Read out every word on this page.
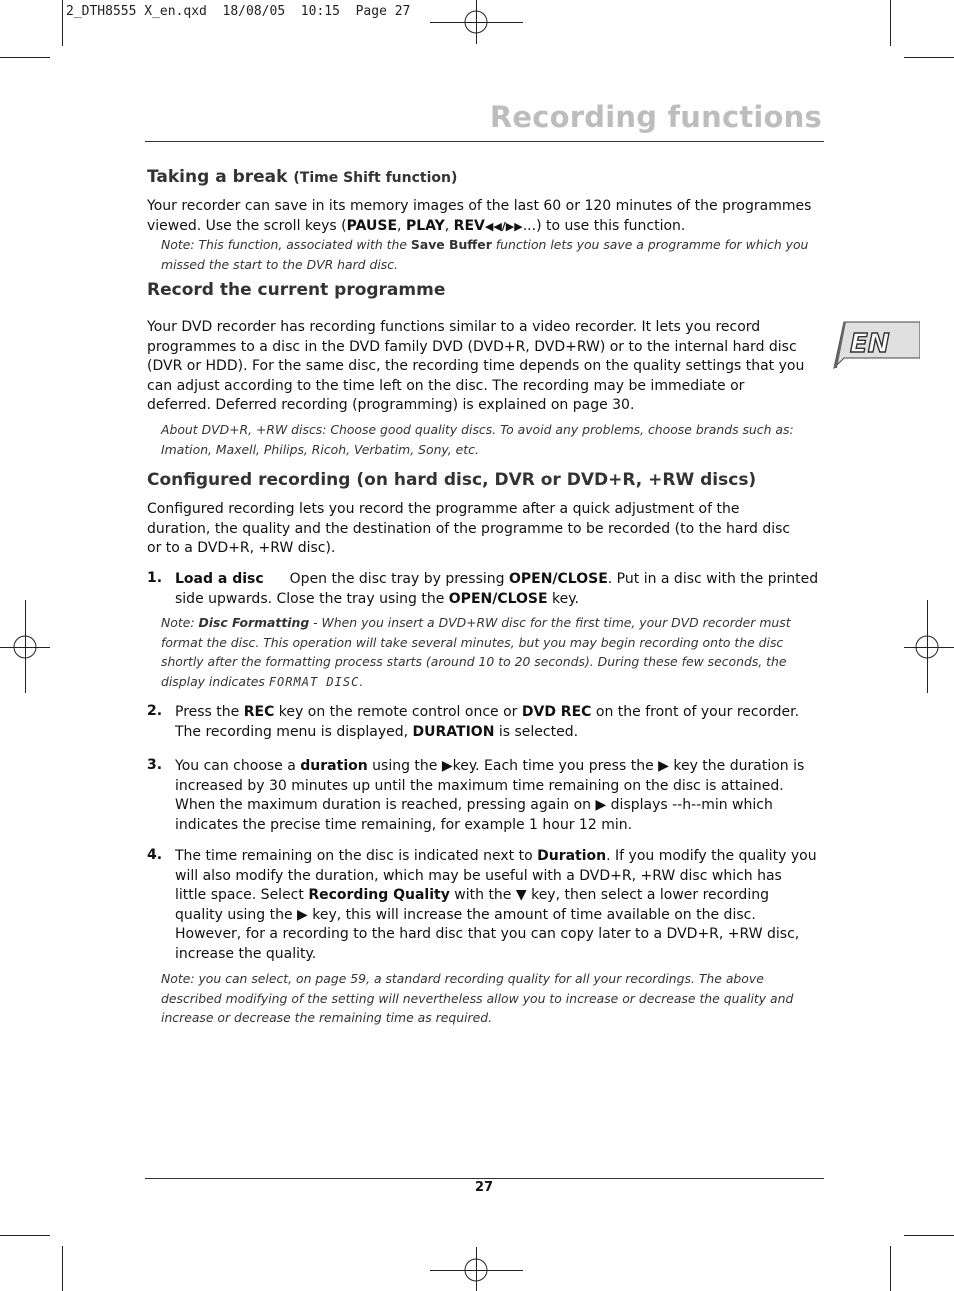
2_DTH8555 X_en.qxd  18/08/05  10:15  Page 27
Recording functions
EN
Taking a break (Time Shift function)
Your recorder can save in its memory images of the last 60 or 120 minutes of the programmes viewed. Use the scroll keys (PAUSE, PLAY, REV◀◀/▶▶...) to use this function.
Note: This function, associated with the Save Buffer function lets you save a programme for which you missed the start to the DVR hard disc.
Record the current programme
Your DVD recorder has recording functions similar to a video recorder. It lets you record programmes to a disc in the DVD family DVD (DVD+R, DVD+RW) or to the internal hard disc (DVR or HDD). For the same disc, the recording time depends on the quality settings that you can adjust according to the time left on the disc. The recording may be immediate or deferred. Deferred recording (programming) is explained on page 30.
About DVD+R, +RW discs: Choose good quality discs. To avoid any problems, choose brands such as: Imation, Maxell, Philips, Ricoh, Verbatim, Sony, etc.
Configured recording (on hard disc, DVR or DVD+R, +RW discs)
Configured recording lets you record the programme after a quick adjustment of the duration, the quality and the destination of the programme to be recorded (to the hard disc or to a DVD+R, +RW disc).
1. Load a disc Open the disc tray by pressing OPEN/CLOSE. Put in a disc with the printed side upwards. Close the tray using the OPEN/CLOSE key.
Note: Disc Formatting - When you insert a DVD+RW disc for the first time, your DVD recorder must format the disc. This operation will take several minutes, but you may begin recording onto the disc shortly after the formatting process starts (around 10 to 20 seconds). During these few seconds, the display indicates FORMAT DISC.
2. Press the REC key on the remote control once or DVD REC on the front of your recorder. The recording menu is displayed, DURATION is selected.
3. You can choose a duration using the ▶key. Each time you press the ▶ key the duration is increased by 30 minutes up until the maximum time remaining on the disc is attained. When the maximum duration is reached, pressing again on ▶ displays --h--min which indicates the precise time remaining, for example 1 hour 12 min.
4. The time remaining on the disc is indicated next to Duration. If you modify the quality you will also modify the duration, which may be useful with a DVD+R, +RW disc which has little space. Select Recording Quality with the ▼ key, then select a lower recording quality using the ▶ key, this will increase the amount of time available on the disc. However, for a recording to the hard disc that you can copy later to a DVD+R, +RW disc, increase the quality.
Note: you can select, on page 59, a standard recording quality for all your recordings. The above described modifying of the setting will nevertheless allow you to increase or decrease the quality and increase or decrease the remaining time as required.
27
